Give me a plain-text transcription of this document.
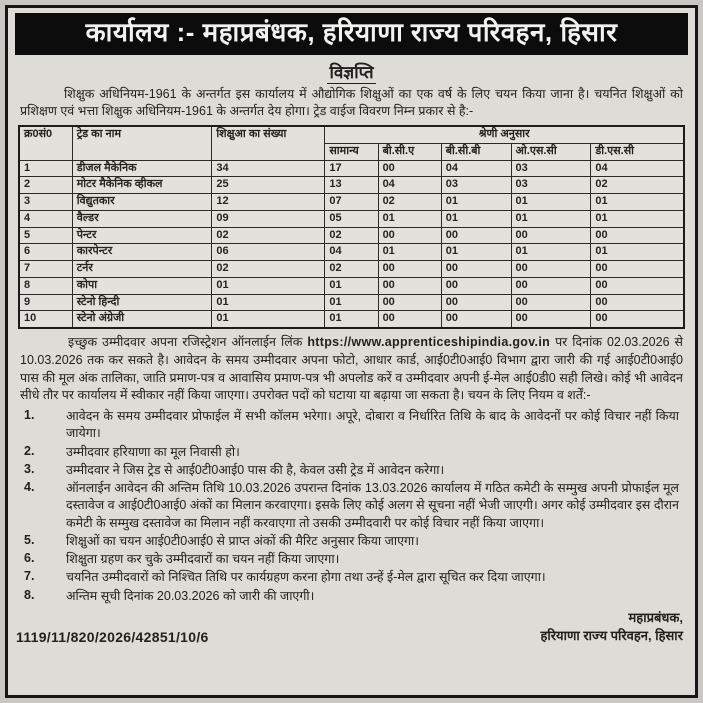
कार्यालय :- महाप्रबंधक, हरियाणा राज्य परिवहन, हिसार
विज्ञप्ति

शिक्षुक अधिनियम-1961 के अन्तर्गत इस कार्यालय में औद्योगिक शिक्षुओं का एक वर्ष के लिए चयन किया जाना है। चयनित शिक्षुओं को प्रशिक्षण एवं भत्ता शिक्षुक अधिनियम-1961 के अन्तर्गत देय होगा। ट्रेड वाईज विवरण निम्न प्रकार से है:-

क्र0सं0	ट्रेड का नाम	शिक्षुआ का संख्या	श्रेणी अनुसार				
			सामान्य	बी.सी.ए	बी.सी.बी	ओ.एस.सी	डी.एस.सी
1	डीजल मैकेनिक	34	17	00	04	03	04
2	मोटर मैकेनिक व्हीकल	25	13	04	03	03	02
3	विद्युतकार	12	07	02	01	01	01
4	वैल्डर	09	05	01	01	01	01
5	पेन्टर	02	02	00	00	00	00
6	कारपेन्टर	06	04	01	01	01	01
7	टर्नर	02	02	00	00	00	00
8	कोपा	01	01	00	00	00	00
9	स्टेनो हिन्दी	01	01	00	00	00	00
10	स्टेनो अंग्रेजी	01	01	00	00	00	00

इच्छुक उम्मीदवार अपना रजिस्ट्रेशन ऑनलाईन लिंक https://www.apprenticeshipindia.gov.in पर दिनांक 02.03.2026 से 10.03.2026 तक कर सकते है। आवेदन के समय उम्मीदवार अपना फोटो, आधार कार्ड, आई0टी0आई0 विभाग द्वारा जारी की गई आई0टी0आई0 पास की मूल अंक तालिका, जाति प्रमाण-पत्र व आवासिय प्रमाण-पत्र भी अपलोड करें व उम्मीदवार अपनी ई-मेल आई0डी0 सही लिखे। कोई भी आवेदन सीधे तौर पर कार्यालय में स्वीकार नहीं किया जाएगा। उपरोक्त पदों को घटाया या बढ़ाया जा सकता है। चयन के लिए नियम व शर्तें:-

1.	आवेदन के समय उम्मीदवार प्रोफाईल में सभी कॉलम भरेगा। अपूरे, दोबारा व निर्धारित तिथि के बाद के आवेदनों पर कोई विचार नहीं किया जायेगा।
2.	उम्मीदवार हरियाणा का मूल निवासी हो।
3.	उम्मीदवार ने जिस ट्रेड से आई0टी0आई0 पास की है, केवल उसी ट्रेड में आवेदन करेगा।
4.	ऑनलाईन आवेदन की अन्तिम तिथि 10.03.2026 उपरान्त दिनांक 13.03.2026 कार्यालय में गठित कमेटी के सम्मुख अपनी प्रोफाईल मूल दस्तावेज व आई0टी0आई0 अंकों का मिलान करवाएगा। इसके लिए कोई अलग से सूचना नहीं भेजी जाएगी। अगर कोई उम्मीदवार इस दौरान कमेटी के सम्मुख दस्तावेज का मिलान नहीं करवाएगा तो उसकी उम्मीदवारी पर कोई विचार नहीं किया जाएगा।
5.	शिक्षुओं का चयन आई0टी0आई0 से प्राप्त अंकों की मैरिट अनुसार किया जाएगा।
6.	शिक्षुता ग्रहण कर चुके उम्मीदवारों का चयन नहीं किया जाएगा।
7.	चयनित उम्मीदवारों को निश्चित तिथि पर कार्यग्रहण करना होगा तथा उन्हें ई-मेल द्वारा सूचित कर दिया जाएगा।
8.	अन्तिम सूची दिनांक 20.03.2026 को जारी की जाएगी।
1119/11/820/2026/42851/10/6
महाप्रबंधक,
हरियाणा राज्य परिवहन, हिसार
